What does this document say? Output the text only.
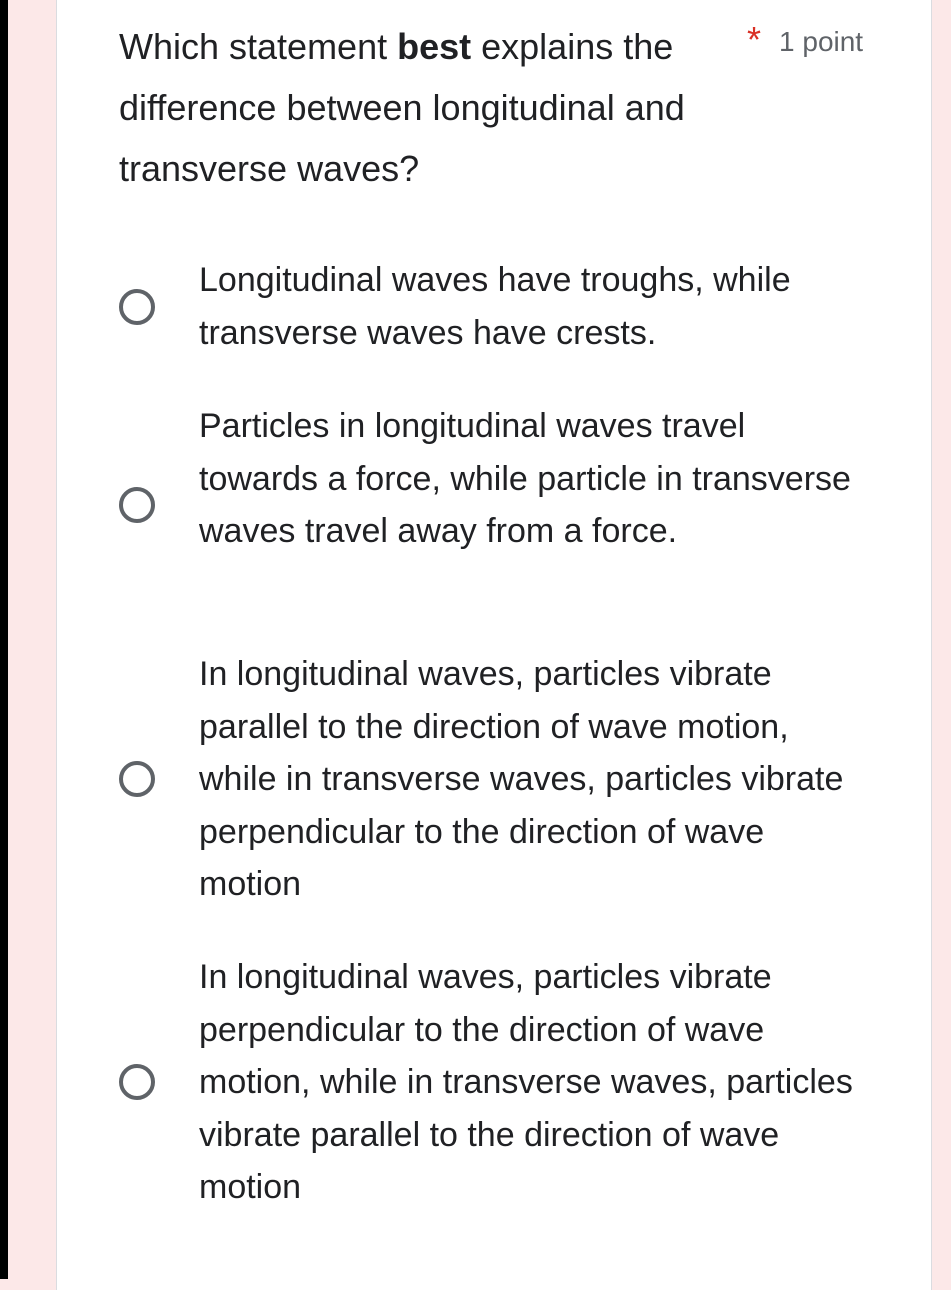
Which statement best explains the difference between longitudinal and transverse waves?
* 1 point
Longitudinal waves have troughs, while transverse waves have crests.
Particles in longitudinal waves travel towards a force, while particle in transverse waves travel away from a force.
In longitudinal waves, particles vibrate parallel to the direction of wave motion, while in transverse waves, particles vibrate perpendicular to the direction of wave motion
In longitudinal waves, particles vibrate perpendicular to the direction of wave motion, while in transverse waves, particles vibrate parallel to the direction of wave motion
